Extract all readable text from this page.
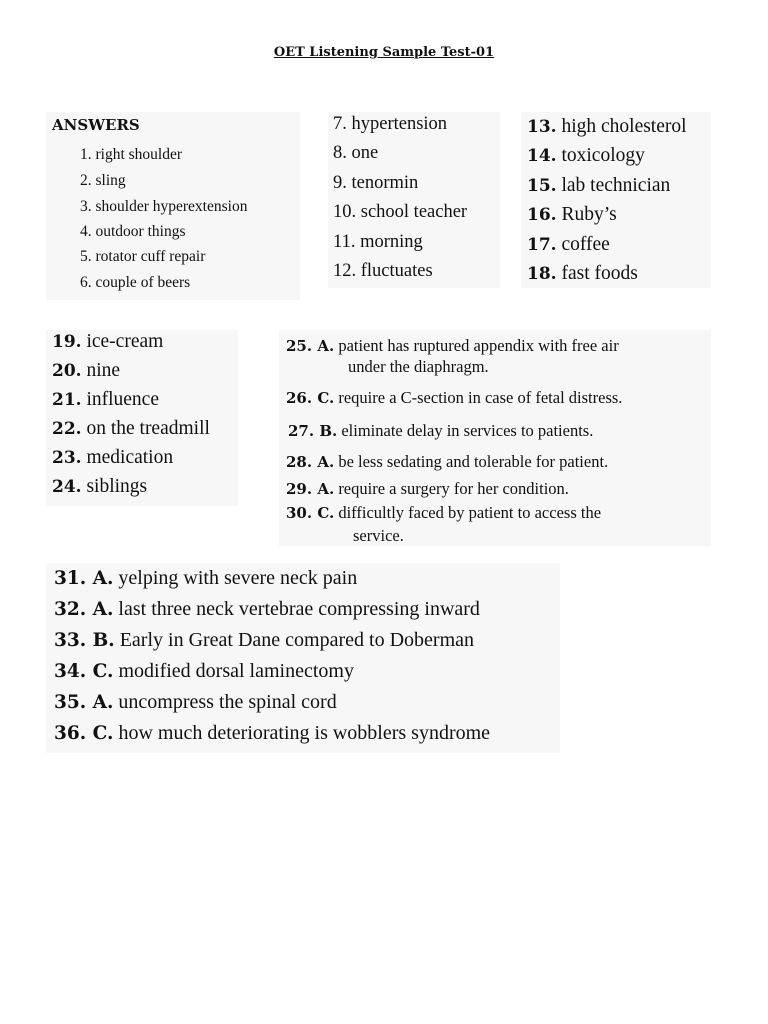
OET Listening Sample Test-01
ANSWERS
1. right shoulder
2. sling
3. shoulder hyperextension
4. outdoor things
5. rotator cuff repair
6. couple of beers
7. hypertension
8. one
9. tenormin
10. school teacher
11. morning
12. fluctuates
13. high cholesterol
14. toxicology
15. lab technician
16. Ruby’s
17. coffee
18. fast foods
19. ice-cream
20. nine
21. influence
22. on the treadmill
23. medication
24. siblings
25. A. patient has ruptured appendix with free air
under the diaphragm.
26. C. require a C-section in case of fetal distress.
27. B. eliminate delay in services to patients.
28. A. be less sedating and tolerable for patient.
29. A. require a surgery for her condition.
30. C. difficultly faced by patient to access the
service.
31. A. yelping with severe neck pain
32. A. last three neck vertebrae compressing inward
33. B. Early in Great Dane compared to Doberman
34. C. modified dorsal laminectomy
35. A. uncompress the spinal cord
36. C. how much deteriorating is wobblers syndrome
